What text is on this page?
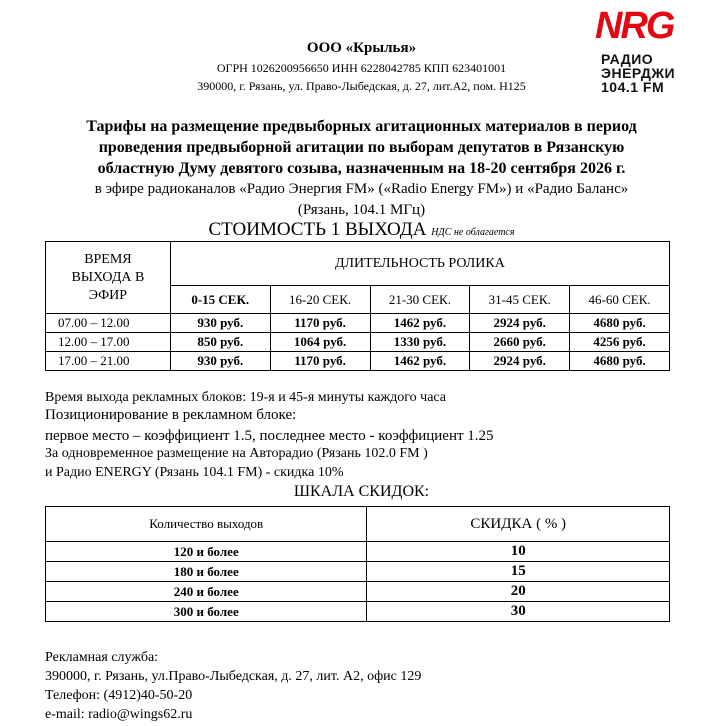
NRG
РАДИО
ЭНЕРДЖИ
104.1 FM
ООО «Крылья»
ОГРН 1026200956650 ИНН 6228042785 КПП 623401001
390000, г. Рязань, ул. Право-Лыбедская, д. 27, лит.А2, пом. Н125
Тарифы на размещение предвыборных агитационных материалов в период
проведения предвыборной агитации по выборам депутатов в Рязанскую
областную Думу девятого созыва, назначенным на 18-20 сентября 2026 г.
в эфире радиоканалов «Радио Энергия FM» («Radio Energy FM») и «Радио Баланс»
(Рязань, 104.1 МГц)
СТОИМОСТЬ 1 ВЫХОДА НДС не облагается
ВРЕМЯ
ВЫХОДА В
ЭФИР	ДЛИТЕЛЬНОСТЬ РОЛИКА				
	0-15 СЕК.	16-20 СЕК.	21-30 СЕК.	31-45 СЕК.	46-60 СЕК.
07.00 – 12.00	930 руб.	1170 руб.	1462 руб.	2924 руб.	4680 руб.
12.00 – 17.00	850 руб.	1064 руб.	1330 руб.	2660 руб.	4256 руб.
17.00 – 21.00	930 руб.	1170 руб.	1462 руб.	2924 руб.	4680 руб.
Время выхода рекламных блоков: 19-я и 45-я минуты каждого часа
Позиционирование в рекламном блоке:
первое место – коэффициент 1.5, последнее место - коэффициент 1.25
За одновременное размещение на Авторадио (Рязань 102.0 FM )
и Радио ENERGY (Рязань 104.1 FM) - скидка 10%
ШКАЛА СКИДОК:
Количество выходов	СКИДКА ( % )
120 и более	10
180 и более	15
240 и более	20
300 и более	30
Рекламная служба:
390000, г. Рязань, ул.Право-Лыбедская, д. 27, лит. А2, офис 129
Телефон: (4912)40-50-20
e-mail: radio@wings62.ru
